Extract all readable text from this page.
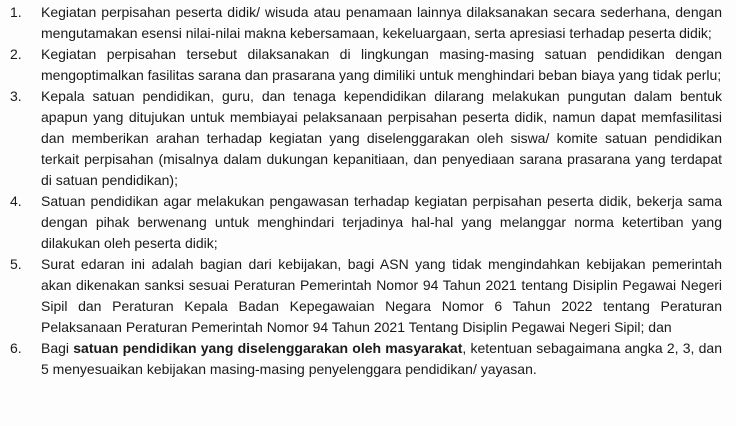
1.	Kegiatan perpisahan peserta didik/ wisuda atau penamaan lainnya dilaksanakan secara sederhana, dengan mengutamakan esensi nilai-nilai makna kebersamaan, kekeluargaan, serta apresiasi terhadap peserta didik;

2.	Kegiatan perpisahan tersebut dilaksanakan di lingkungan masing-masing satuan pendidikan dengan mengoptimalkan fasilitas sarana dan prasarana yang dimiliki untuk menghindari beban biaya yang tidak perlu;

3.	Kepala satuan pendidikan, guru, dan tenaga kependidikan dilarang melakukan pungutan dalam bentuk apapun yang ditujukan untuk membiayai pelaksanaan perpisahan peserta didik, namun dapat memfasilitasi dan memberikan arahan terhadap kegiatan yang diselenggarakan oleh siswa/ komite satuan pendidikan terkait perpisahan (misalnya dalam dukungan kepanitiaan, dan penyediaan sarana prasarana yang terdapat di satuan pendidikan);

4.	Satuan pendidikan agar melakukan pengawasan terhadap kegiatan perpisahan peserta didik, bekerja sama dengan pihak berwenang untuk menghindari terjadinya hal-hal yang melanggar norma ketertiban yang dilakukan oleh peserta didik;

5.	Surat edaran ini adalah bagian dari kebijakan, bagi ASN yang tidak mengindahkan kebijakan pemerintah akan dikenakan sanksi sesuai Peraturan Pemerintah Nomor 94 Tahun 2021 tentang Disiplin Pegawai Negeri Sipil dan Peraturan Kepala Badan Kepegawaian Negara Nomor 6 Tahun 2022 tentang Peraturan Pelaksanaan Peraturan Pemerintah Nomor 94 Tahun 2021 Tentang Disiplin Pegawai Negeri Sipil; dan

6.	Bagi satuan pendidikan yang diselenggarakan oleh masyarakat, ketentuan sebagaimana angka 2, 3, dan 5 menyesuaikan kebijakan masing-masing penyelenggara pendidikan/ yayasan.
